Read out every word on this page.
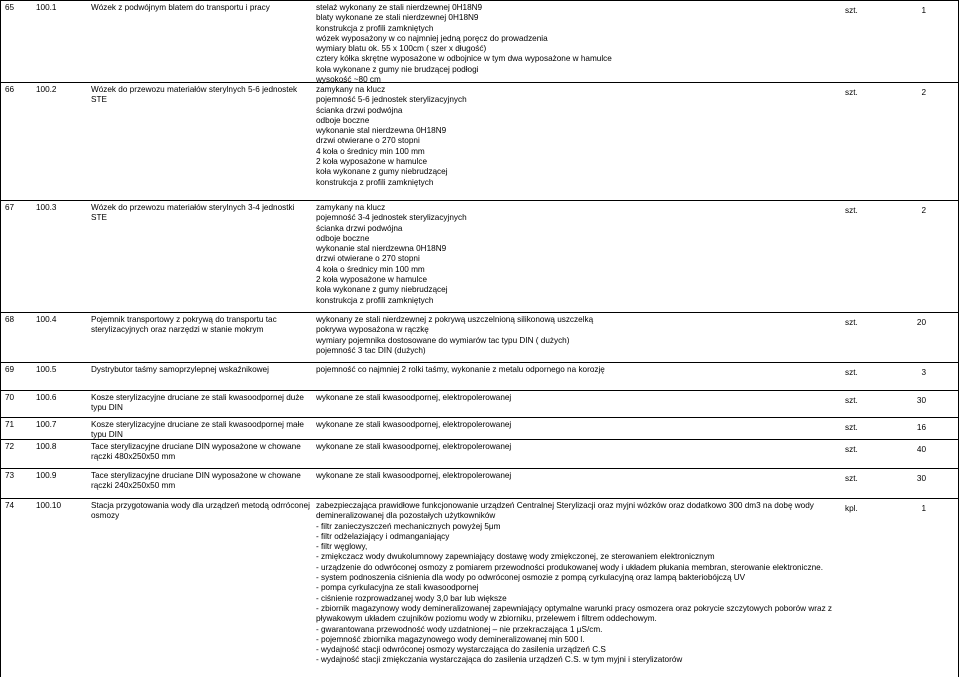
65	100.1	Wózek z podwójnym blatem do transportu i pracy	stelaż wykonany ze stali nierdzewnej 0H18N9
blaty wykonane ze stali nierdzewnej 0H18N9
konstrukcja z profili zamkniętych
wózek wyposażony w co najmniej jedną poręcz do prowadzenia
wymiary blatu ok. 55 x 100cm ( szer x długość)
cztery kółka skrętne wyposażone w odbojnice w tym dwa wyposażone w hamulce
koła wykonane z gumy nie brudzącej podłogi
wysokość ~80 cm
szt.	1
66	100.2	Wózek do przewozu materiałów sterylnych 5-6 jednostek STE
zamykany na klucz
pojemność 5-6 jednostek sterylizacyjnych
ścianka drzwi podwójna
odboje boczne
wykonanie stal nierdzewna 0H18N9
drzwi otwierane o 270 stopni
4 koła o średnicy min 100 mm
2 koła wyposażone w hamulce
koła wykonane z gumy niebrudzącej
konstrukcja z profili zamkniętych
szt.	2
67	100.3	Wózek do przewozu materiałów sterylnych 3-4 jednostki STE
zamykany na klucz
pojemność 3-4 jednostek sterylizacyjnych
ścianka drzwi podwójna
odboje boczne
wykonanie stal nierdzewna 0H18N9
drzwi otwierane o 270 stopni
4 koła o średnicy min 100 mm
2 koła wyposażone w hamulce
koła wykonane z gumy niebrudzącej
konstrukcja z profili zamkniętych
szt.	2
68	100.4	Pojemnik transportowy z pokrywą do transportu tac sterylizacyjnych oraz narzędzi w stanie mokrym
wykonany ze stali nierdzewnej z pokrywą uszczelnioną silikonową uszczelką
pokrywa wyposażona w rączkę
wymiary pojemnika dostosowane do wymiarów tac typu DIN ( dużych)
pojemność 3 tac DIN (dużych)
szt.	20
69	100.5	Dystrybutor taśmy samoprzylepnej wskaźnikowej	pojemność co najmniej 2 rolki taśmy, wykonanie z metalu odpornego na korozję	szt.	3
70	100.6	Kosze sterylizacyjne druciane ze stali kwasoodpornej duże typu DIN
wykonane ze stali kwasoodpornej, elektropolerowanej	szt.	30
71	100.7	Kosze sterylizacyjne druciane ze stali kwasoodpornej małe typu DIN
wykonane ze stali kwasoodpornej, elektropolerowanej	szt.	16
72	100.8	Tace sterylizacyjne druciane DIN wyposażone w chowane rączki 480x250x50 mm
wykonane ze stali kwasoodpornej, elektropolerowanej	szt.	40
73	100.9	Tace sterylizacyjne druciane DIN wyposażone w chowane rączki 240x250x50 mm
wykonane ze stali kwasoodpornej, elektropolerowanej	szt.	30
74	100.10	Stacja przygotowania wody dla urządzeń metodą odrróconej osmozy
zabezpieczająca prawidłowe funkcjonowanie urządzeń Centralnej Sterylizacji oraz myjni wózków oraz dodatkowo 300 dm3 na dobę wody
demineralizowanej dla pozostałych użytkowników
- filtr zanieczyszczeń mechanicznych powyżej 5μm
- filtr odżelaziający i odmanganiający
- filtr węglowy,
- zmiękczacz wody dwukolumnowy zapewniający dostawę wody zmiękczonej, ze sterowaniem elektronicznym
- urządzenie do odwróconej osmozy z pomiarem przewodności produkowanej wody i układem płukania membran, sterowanie elektroniczne.
- system podnoszenia ciśnienia dla wody po odwróconej osmozie z pompą cyrkulacyjną oraz lampą bakteriobójczą UV
- pompa cyrkulacyjna ze stali kwasoodpornej
- ciśnienie rozprowadzanej wody 3,0 bar lub większe
- zbiornik magazynowy wody demineralizowanej zapewniający optymalne warunki pracy osmozera oraz pokrycie szczytowych poborów wraz z
pływakowym układem czujników poziomu wody w zbiorniku, przelewem i filtrem oddechowym.
- gwarantowana przewodność wody uzdatnionej – nie przekraczająca 1 μS/cm.
- pojemność zbiornika magazynowego wody demineralizowanej min 500 l.
- wydajność stacji odwróconej osmozy wystarczająca do zasilenia urządzeń C.S
- wydajność stacji zmiękczania wystarczająca do zasilenia urządzeń C.S. w tym myjni i sterylizatorów
kpl.	1
